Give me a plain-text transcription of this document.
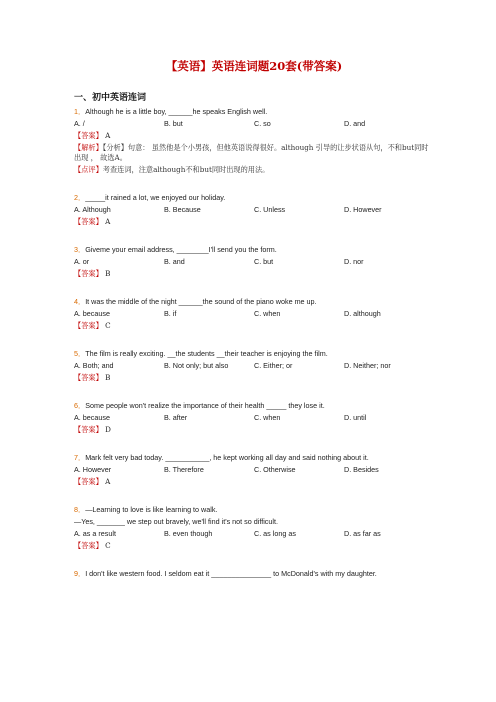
【英语】英语连词题20套(带答案)
一、初中英语连词

1．Although he is a little boy, ______he speaks English well.

A. /	B. but	C. so	D. and

【答案】 A

【解析】【分析】句意： 虽然他是个小男孩，但他英语说得很好。although 引导的让步状语从句，不和but同时出现 ， 故选A。

【点评】考查连词，注意although不和but同时出现的用法。

2．_____it rained a lot, we enjoyed our holiday.

A. Although	B. Because	C. Unless	D. However

【答案】 A

3．Giveme your email address, ________I'll send you the form.

A. or	B. and	C. but	D. nor

【答案】 B

4．It was the middle of the night ______the sound of the piano woke me up.

A. because	B. if	C. when	D. although

【答案】 C

5．The film is really exciting. __the students __their teacher is enjoying the film.

A. Both; and	B. Not only; but also	C. Either; or	D. Neither; nor

【答案】 B

6．Some people won't realize the importance of their health _____ they lose it.

A. because	B. after	C. when	D. until

【答案】 D

7．Mark felt very bad today. ___________, he kept working all day and said nothing about it.

A. However	B. Therefore	C. Otherwise	D. Besides

【答案】 A

8．—Learning to love is like learning to walk.

—Yes, _______ we step out bravely, we'll find it's not so difficult.

A. as a result	B. even though	C. as long as	D. as far as

【答案】 C

9．I don't like western food. I seldom eat it _______________ to McDonald's with my daughter.
